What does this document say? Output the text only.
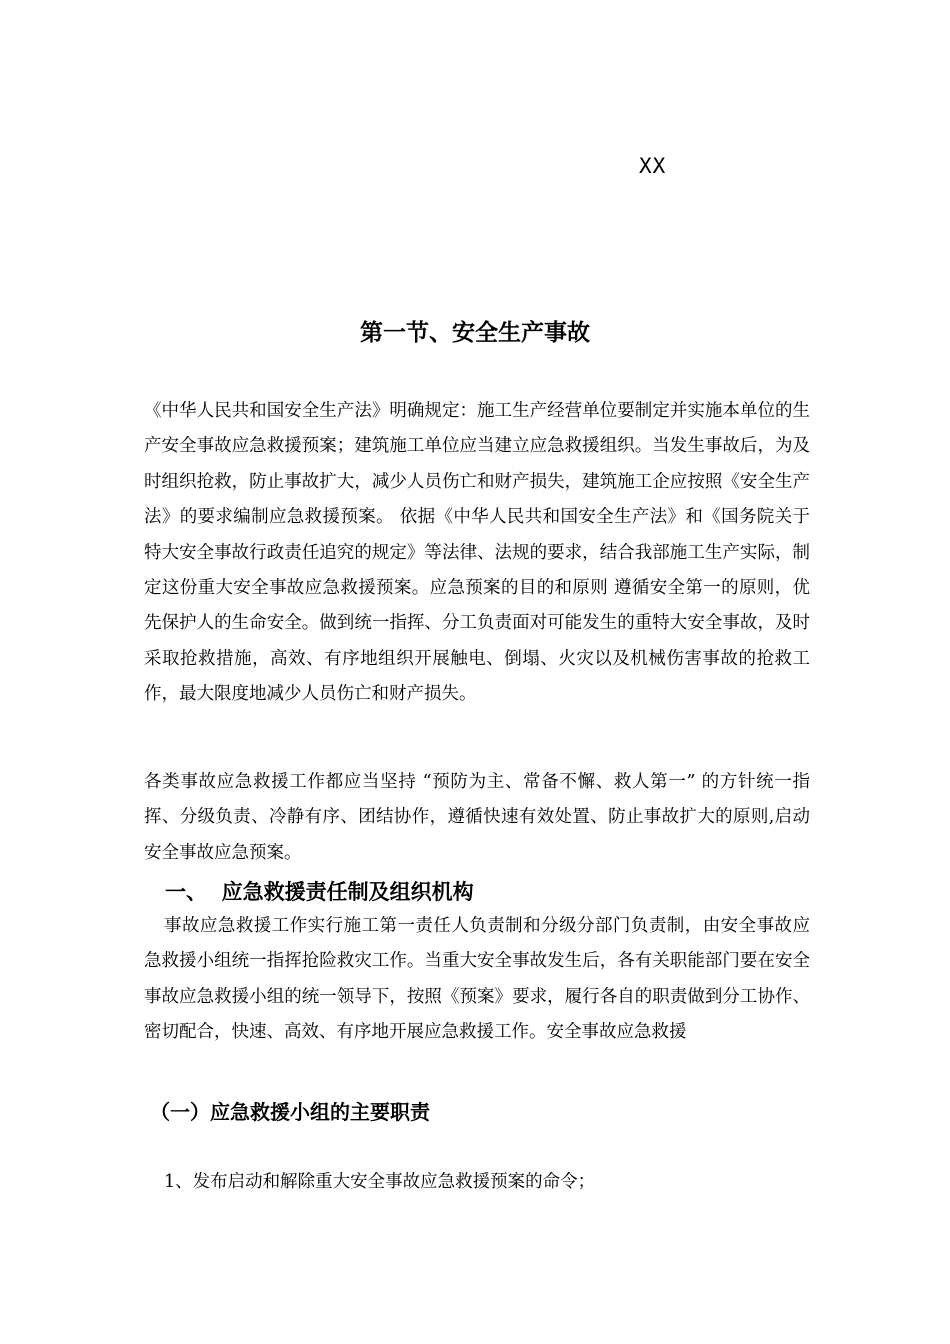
XX
第一节、安全生产事故
《中华人民共和国安全生产法》明确规定：施工生产经营单位要制定并实施本单位的生产安全事故应急救援预案；建筑施工单位应当建立应急救援组织。当发生事故后，为及时组织抢救，防止事故扩大，减少人员伤亡和财产损失，建筑施工企应按照《安全生产法》的要求编制应急救援预案。 依据《中华人民共和国安全生产法》和《国务院关于特大安全事故行政责任追究的规定》等法律、法规的要求，结合我部施工生产实际，制定这份重大安全事故应急救援预案。应急预案的目的和原则 遵循安全第一的原则，优先保护人的生命安全。做到统一指挥、分工负责面对可能发生的重特大安全事故，及时采取抢救措施，高效、有序地组织开展触电、倒塌、火灾以及机械伤害事故的抢救工作，最大限度地减少人员伤亡和财产损失。
各类事故应急救援工作都应当坚持 “预防为主、常备不懈、救人第一” 的方针统一指挥、分级负责、冷静有序、团结协作，遵循快速有效处置、防止事故扩大的原则,启动安全事故应急预案。
一、  应急救援责任制及组织机构
事故应急救援工作实行施工第一责任人负责制和分级分部门负责制，由安全事故应急救援小组统一指挥抢险救灾工作。当重大安全事故发生后，各有关职能部门要在安全事故应急救援小组的统一领导下，按照《预案》要求，履行各自的职责做到分工协作、密切配合，快速、高效、有序地开展应急救援工作。安全事故应急救援
（一）应急救援小组的主要职责
1、发布启动和解除重大安全事故应急救援预案的命令；
